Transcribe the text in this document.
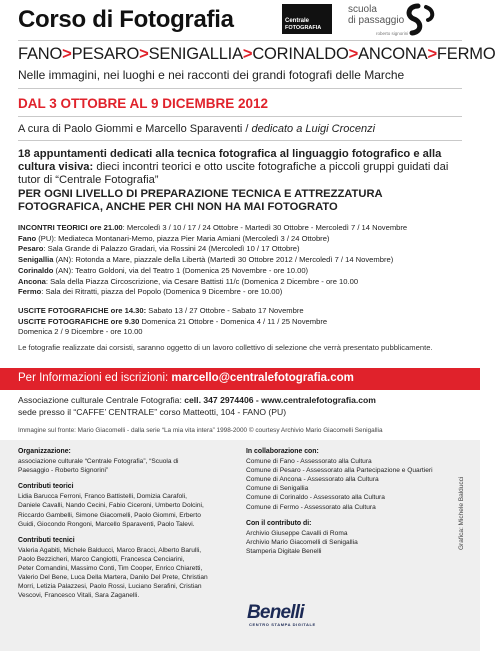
Corso di Fotografia	Centrale
FOTOGRAFIA
scuola
di passaggio
roberto signorini
FANO>PESARO>SENIGALLIA>CORINALDO>ANCONA>FERMO
Nelle immagini, nei luoghi e nei racconti dei grandi fotografi delle Marche
DAL 3 OTTOBRE AL 9 DICEMBRE 2012
A cura di Paolo Giommi e Marcello Sparaventi / dedicato a Luigi Crocenzi
18 appuntamenti dedicati alla tecnica fotografica al linguaggio fotografico e alla cultura visiva: dieci incontri teorici e otto uscite fotografiche a piccoli gruppi guidati dai tutor di “Centrale Fotografia”
PER OGNI LIVELLO DI PREPARAZIONE TECNICA E ATTREZZATURA FOTOGRAFICA, ANCHE PER CHI NON HA MAI FOTOGRATO
INCONTRI TEORICI ore 21.00: Mercoledì 3 / 10 / 17 / 24 Ottobre - Martedì 30 Ottobre - Mercoledì 7 / 14 Novembre
Fano (PU): Mediateca Montanari-Memo, piazza Pier Maria Amiani (Mercoledì 3 / 24 Ottobre)
Pesaro: Sala Grande di Palazzo Gradari, via Rossini 24 (Mercoledì 10 / 17 Ottobre)
Senigallia (AN): Rotonda a Mare, piazzale della Libertà (Martedì 30 Ottobre 2012 / Mercoledì 7 / 14 Novembre)
Corinaldo (AN): Teatro Goldoni, via del Teatro 1 (Domenica 25 Novembre - ore 10.00)
Ancona: Sala della Piazza Circoscrizione, via Cesare Battisti 11/c (Domenica 2 Dicembre - ore 10.00
Fermo: Sala dei Ritratti, piazza del Popolo (Domenica 9 Dicembre - ore 10.00)
USCITE FOTOGRAFICHE ore 14.30: Sabato 13 / 27 Ottobre - Sabato 17 Novembre
USCITE FOTOGRAFICHE ore 9.30 Domenica 21 Ottobre - Domenica 4 / 11 / 25 Novembre
Domenica 2 / 9 Dicembre - ore 10.00
Le fotografie realizzate dai corsisti, saranno oggetto di un lavoro collettivo di selezione che verrà presentato pubblicamente.
Per Informazioni ed iscrizioni: marcello@centralefotografia.com
Associazione culturale Centrale Fotografia: cell. 347 2974406 - www.centralefotografia.com
sede presso il “CAFFE’ CENTRALE” corso Matteotti, 104 - FANO (PU)
Immagine sul fronte: Mario Giacomelli - dalla serie “La mia vita intera” 1998-2000 © courtesy Archivio Mario Giacomelli Senigallia
Organizzazione:
associazione culturale “Centrale Fotografia”, “Scuola di
Paesaggio - Roberto Signorini”
Contributi teorici
Lidia Barucca Ferroni, Franco Battistelli, Domizia Carafoli,
Daniele Cavalli, Nando Cecini, Fabio Ciceroni, Umberto Dolcini,
Riccardo Gambelli, Simone Giacomelli, Paolo Giommi, Erberto
Guidi, Giocondo Rongoni, Marcello Sparaventi, Paolo Talevi.
Contributi tecnici
Valeria Agabiti, Michele Balducci, Marco Bracci, Alberto Barulli,
Paolo Bezzicheri, Marco Cangiotti, Francesca Cenciarini,
Peter Comandini, Massimo Conti, Tim Cooper, Enrico Chiaretti,
Valerio Del Bene, Luca Della Martera, Danilo Del Prete, Christian
Morri, Letizia Palazzesi, Paolo Rossi, Luciano Serafini, Cristian
Vescovi, Francesco Vitali, Sara Zaganelli.
In collaborazione con:
Comune di Fano - Assessorato alla Cultura
Comune di Pesaro - Assessorato alla Partecipazione e Quartieri
Comune di Ancona - Assessorato alla Cultura
Comune di Senigallia
Comune di Corinaldo - Assessorato alla Cultura
Comune di Fermo - Assessorato alla Cultura
Con il contributo di:
Archivio Giuseppe Cavalli di Roma
Archivio Mario Giacomelli di Senigallia
Stamperia Digitale Benelli
Benelli
CENTRO STAMPA DIGITALE
Grafica: Michele Balducci
